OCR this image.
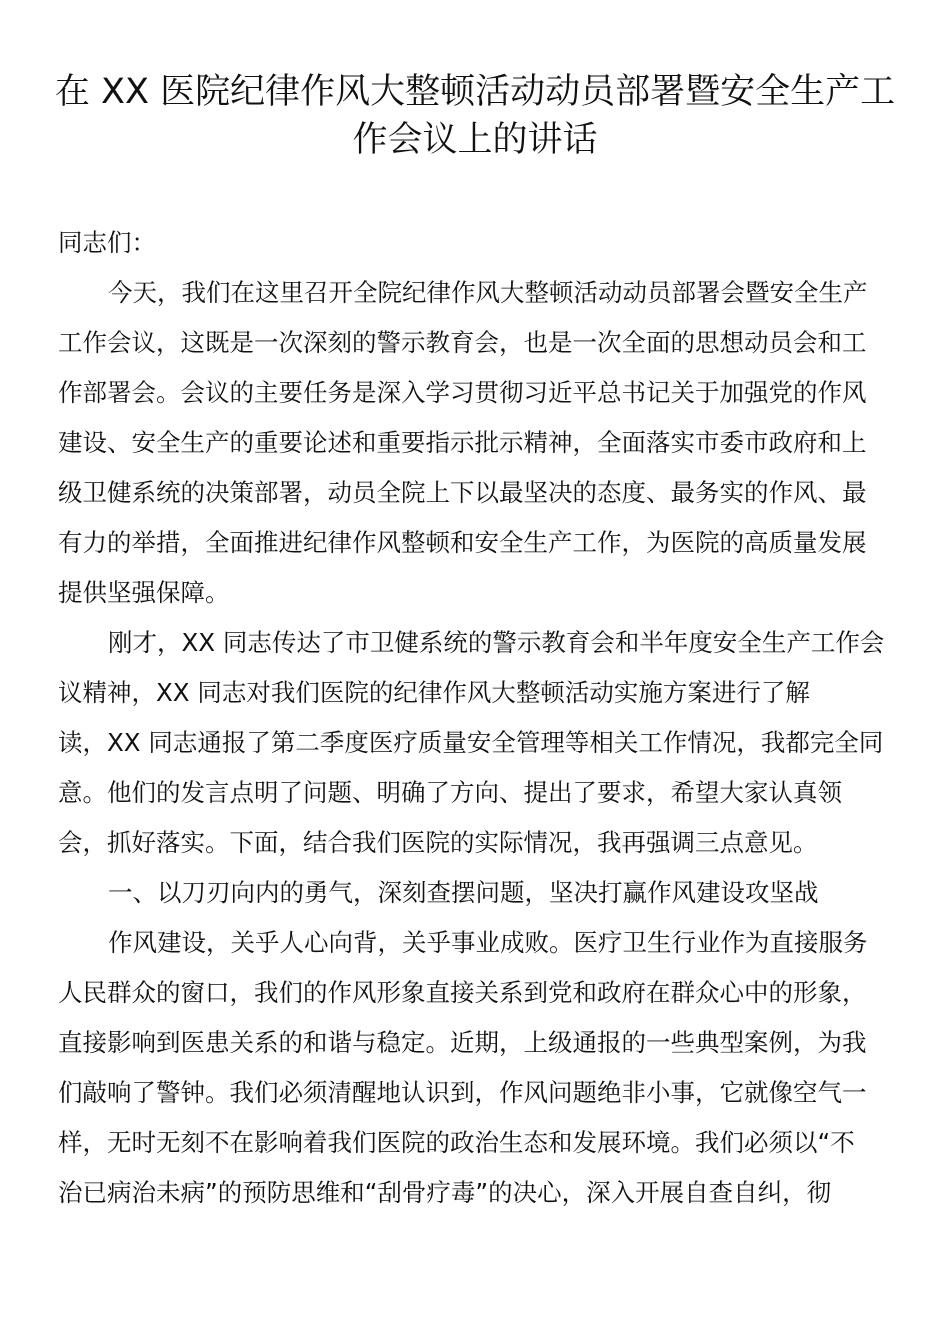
在 XX 医院纪律作风大整顿活动动员部署暨安全生产工
作会议上的讲话
同志们：
今天，我们在这里召开全院纪律作风大整顿活动动员部署会暨安全生产
工作会议，这既是一次深刻的警示教育会，也是一次全面的思想动员会和工
作部署会。会议的主要任务是深入学习贯彻习近平总书记关于加强党的作风
建设、安全生产的重要论述和重要指示批示精神，全面落实市委市政府和上
级卫健系统的决策部署，动员全院上下以最坚决的态度、最务实的作风、最
有力的举措，全面推进纪律作风整顿和安全生产工作，为医院的高质量发展
提供坚强保障。
刚才，XX 同志传达了市卫健系统的警示教育会和半年度安全生产工作会
议精神，XX 同志对我们医院的纪律作风大整顿活动实施方案进行了解
读，XX 同志通报了第二季度医疗质量安全管理等相关工作情况，我都完全同
意。他们的发言点明了问题、明确了方向、提出了要求，希望大家认真领
会，抓好落实。下面，结合我们医院的实际情况，我再强调三点意见。
一、以刀刃向内的勇气，深刻查摆问题，坚决打赢作风建设攻坚战
作风建设，关乎人心向背，关乎事业成败。医疗卫生行业作为直接服务
人民群众的窗口，我们的作风形象直接关系到党和政府在群众心中的形象，
直接影响到医患关系的和谐与稳定。近期，上级通报的一些典型案例，为我
们敲响了警钟。我们必须清醒地认识到，作风问题绝非小事，它就像空气一
样，无时无刻不在影响着我们医院的政治生态和发展环境。我们必须以“不
治已病治未病”的预防思维和“刮骨疗毒”的决心，深入开展自查自纠，彻
